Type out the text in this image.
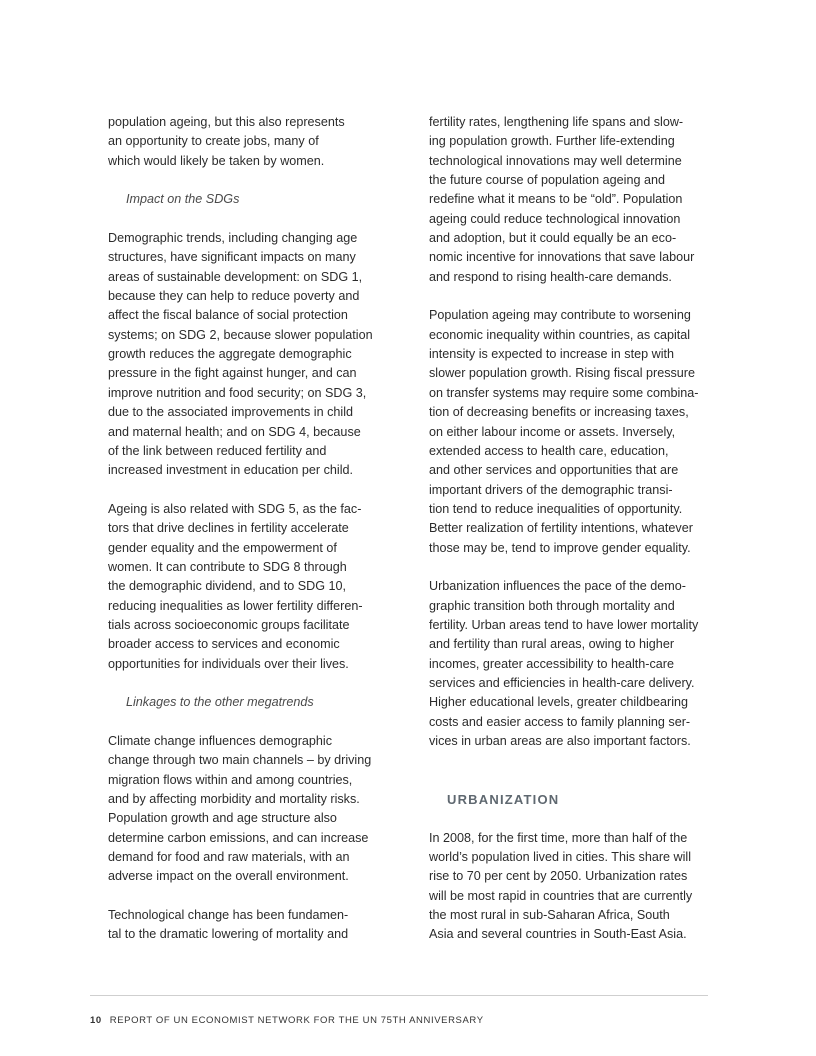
population ageing, but this also represents
an opportunity to create jobs, many of
which would likely be taken by women.
Impact on the SDGs
Demographic trends, including changing age
structures, have significant impacts on many
areas of sustainable development: on SDG 1,
because they can help to reduce poverty and
affect the fiscal balance of social protection
systems; on SDG 2, because slower population
growth reduces the aggregate demographic
pressure in the fight against hunger, and can
improve nutrition and food security; on SDG 3,
due to the associated improvements in child
and maternal health; and on SDG 4, because
of the link between reduced fertility and
increased investment in education per child.
Ageing is also related with SDG 5, as the fac-
tors that drive declines in fertility accelerate
gender equality and the empowerment of
women. It can contribute to SDG 8 through
the demographic dividend, and to SDG 10,
reducing inequalities as lower fertility differen-
tials across socioeconomic groups facilitate
broader access to services and economic
opportunities for individuals over their lives.
Linkages to the other megatrends
Climate change influences demographic
change through two main channels – by driving
migration flows within and among countries,
and by affecting morbidity and mortality risks.
Population growth and age structure also
determine carbon emissions, and can increase
demand for food and raw materials, with an
adverse impact on the overall environment.
Technological change has been fundamen-
tal to the dramatic lowering of mortality and
fertility rates, lengthening life spans and slow-
ing population growth. Further life-extending
technological innovations may well determine
the future course of population ageing and
redefine what it means to be “old”. Population
ageing could reduce technological innovation
and adoption, but it could equally be an eco-
nomic incentive for innovations that save labour
and respond to rising health-care demands.
Population ageing may contribute to worsening
economic inequality within countries, as capital
intensity is expected to increase in step with
slower population growth. Rising fiscal pressure
on transfer systems may require some combina-
tion of decreasing benefits or increasing taxes,
on either labour income or assets. Inversely,
extended access to health care, education,
and other services and opportunities that are
important drivers of the demographic transi-
tion tend to reduce inequalities of opportunity.
Better realization of fertility intentions, whatever
those may be, tend to improve gender equality.
Urbanization influences the pace of the demo-
graphic transition both through mortality and
fertility. Urban areas tend to have lower mortality
and fertility than rural areas, owing to higher
incomes, greater accessibility to health-care
services and efficiencies in health-care delivery.
Higher educational levels, greater childbearing
costs and easier access to family planning ser-
vices in urban areas are also important factors.
URBANIZATION
In 2008, for the first time, more than half of the
world’s population lived in cities. This share will
rise to 70 per cent by 2050. Urbanization rates
will be most rapid in countries that are currently
the most rural in sub-Saharan Africa, South
Asia and several countries in South-East Asia.
10 REPORT OF UN ECONOMIST NETWORK FOR THE UN 75TH ANNIVERSARY
